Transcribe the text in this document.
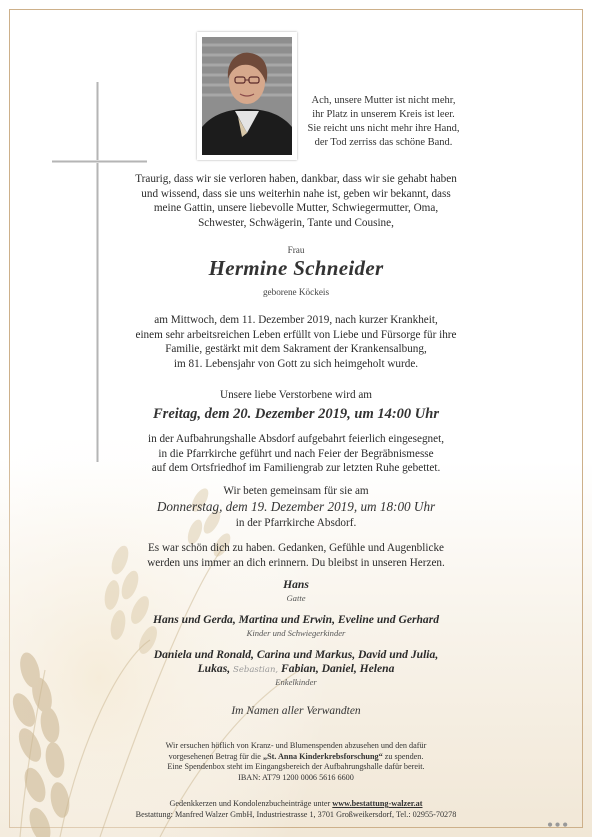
Ach, unsere Mutter ist nicht mehr,
ihr Platz in unserem Kreis ist leer.
Sie reicht uns nicht mehr ihre Hand,
der Tod zerriss das schöne Band.
Traurig, dass wir sie verloren haben, dankbar, dass wir sie gehabt haben
und wissend, dass sie uns weiterhin nahe ist, geben wir bekannt, dass
meine Gattin, unsere liebevolle Mutter, Schwiegermutter, Oma,
Schwester, Schwägerin, Tante und Cousine,
Frau
Hermine Schneider
geborene Köckeis
am Mittwoch, dem 11. Dezember 2019, nach kurzer Krankheit,
einem sehr arbeitsreichen Leben erfüllt von Liebe und Fürsorge für ihre
Familie, gestärkt mit dem Sakrament der Krankensalbung,
im 81. Lebensjahr von Gott zu sich heimgeholt wurde.
Unsere liebe Verstorbene wird am
Freitag, dem 20. Dezember 2019, um 14:00 Uhr
in der Aufbahrungshalle Absdorf aufgebahrt feierlich eingesegnet,
in die Pfarrkirche geführt und nach Feier der Begräbnismesse
auf dem Ortsfriedhof im Familiengrab zur letzten Ruhe gebettet.
Wir beten gemeinsam für sie am
Donnerstag, dem 19. Dezember 2019, um 18:00 Uhr
in der Pfarrkirche Absdorf.
Es war schön dich zu haben. Gedanken, Gefühle und Augenblicke
werden uns immer an dich erinnern. Du bleibst in unseren Herzen.
Hans
Gatte
Hans und Gerda, Martina und Erwin, Eveline und Gerhard
Kinder und Schwiegerkinder
Daniela und Ronald, Carina und Markus, David und Julia,
Lukas, Sebastian, Fabian, Daniel, Helena
Enkelkinder
Im Namen aller Verwandten
Wir ersuchen höflich von Kranz- und Blumenspenden abzusehen und den dafür
vorgesehenen Betrag für die „St. Anna Kinderkrebsforschung“ zu spenden.
Eine Spendenbox steht im Eingangsbereich der Aufbahrungshalle dafür bereit.
IBAN: AT79 1200 0006 5616 6600
Gedenkkerzen und Kondolenzbucheinträge unter www.bestattung-walzer.at
Bestattung: Manfred Walzer GmbH, Industriestrasse 1, 3701 Großweikersdorf, Tel.: 02955-70278
● ● ●
